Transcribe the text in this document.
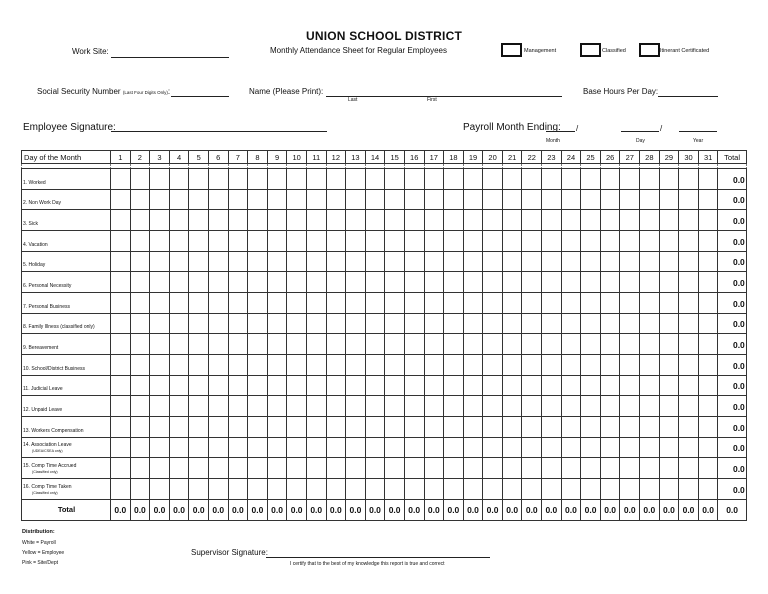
UNION SCHOOL DISTRICT
Work Site:	Monthly Attendance Sheet for Regular Employees	Management	Classified	Itinerant Certificated
Social Security Number (Last Four Digits Only):	Name (Please Print):
Last	First
Base Hours Per Day:
Employee Signature:	Payroll Month Ending: /	/
Month	Day	Year
Day of the Month	1	2	3	4	5	6	7	8	9	10	11	12	13	14	15	16	17	18	19	20	21	22	23	24	25	26	27	28	29	30	31	Total

1. Worked																																0.0
2. Non Work Day																																0.0
3. Sick																																0.0
4. Vacation																																0.0
5. Holiday																																0.0
6. Personal Necessity																																0.0
7. Personal Business																																0.0
8. Family Illness (classified only)																																0.0
9. Bereavement																																0.0
10. School/District Business																																0.0
11. Judicial Leave																																0.0
12. Unpaid Leave																																0.0
13. Workers Compensation																																0.0
14. Association Leave
(UDEA/CSEA only)																																0.0
15. Comp Time Accrued
(Classified only)																																0.0
16. Comp Time Taken
(Classified only)																																0.0
Total	0.0	0.0	0.0	0.0	0.0	0.0	0.0	0.0	0.0	0.0	0.0	0.0	0.0	0.0	0.0	0.0	0.0	0.0	0.0	0.0	0.0	0.0	0.0	0.0	0.0	0.0	0.0	0.0	0.0	0.0	0.0	0.0
Distribution:
White = Payroll
Yellow = Employee
Pink = Site/Dept
Supervisor Signature:
I certify that to the best of my knowledge this report is true and correct
